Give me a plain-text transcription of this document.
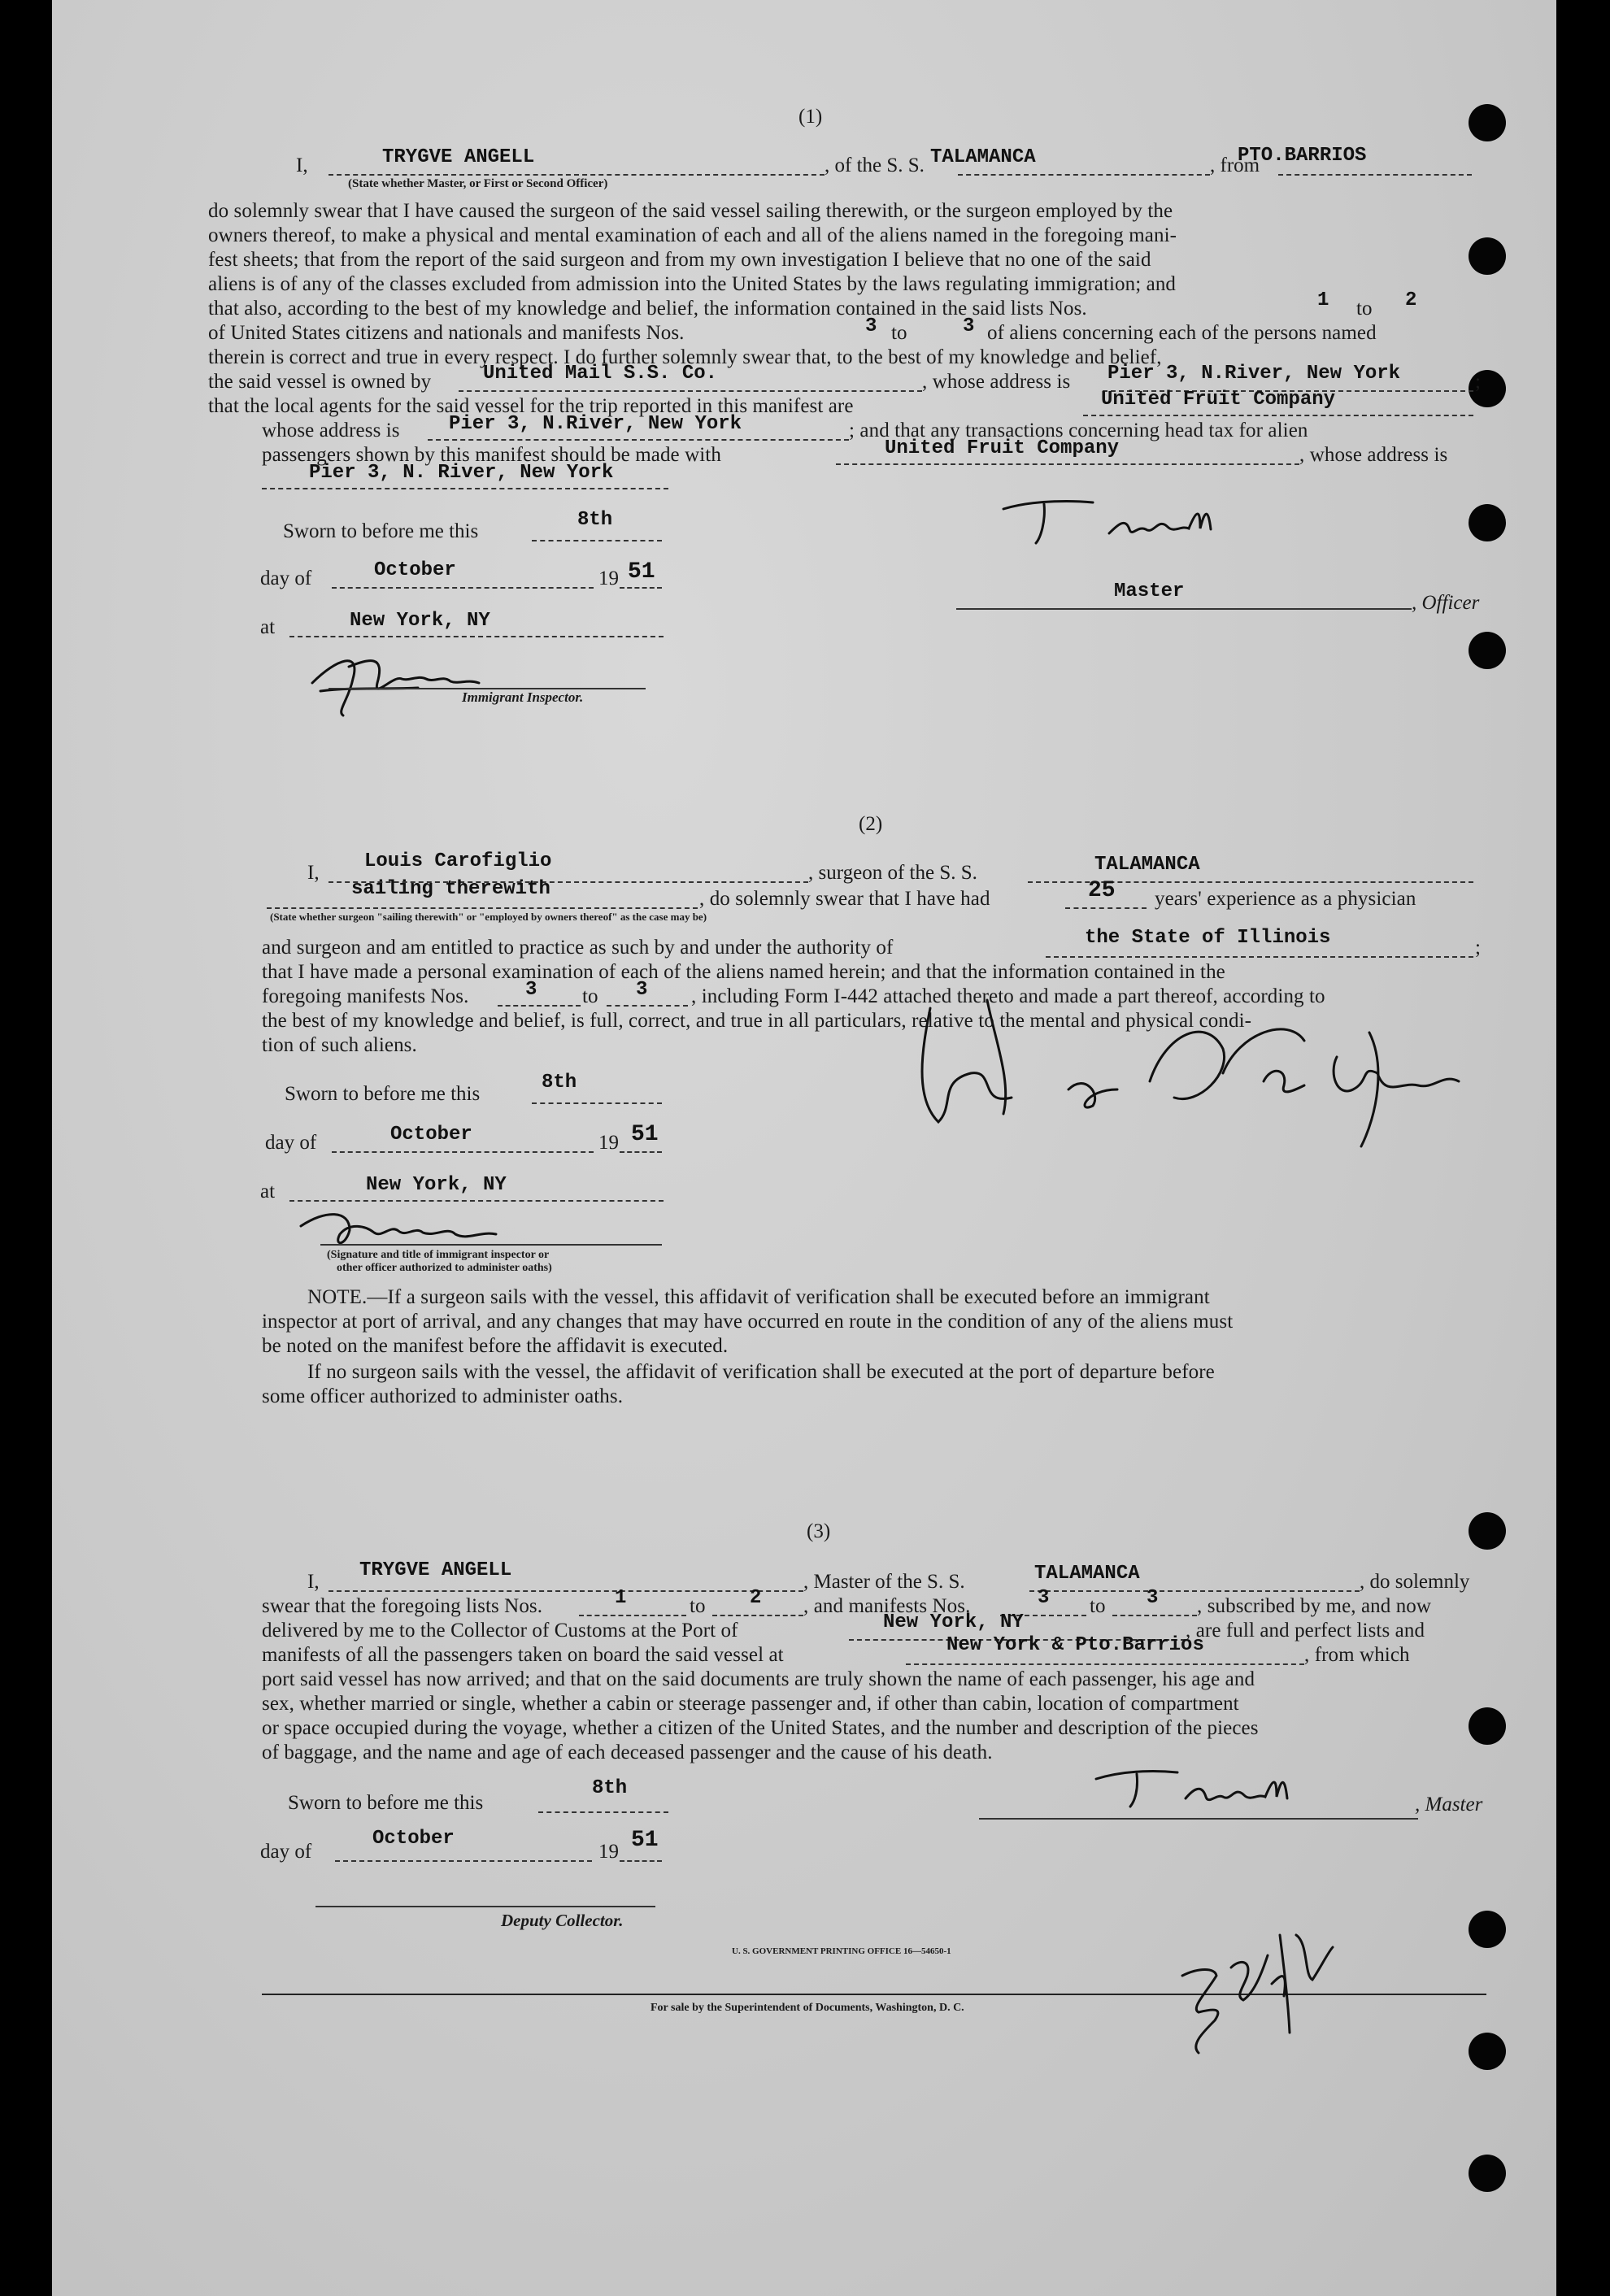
(1)
I,	TRYGVE ANGELL	, of the S. S. TALAMANCA	, from
PTO.BARRIOS
(State whether Master, or First or Second Officer)
do solemnly swear that I have caused the surgeon of the said vessel sailing therewith, or the surgeon employed by the
owners thereof, to make a physical and mental examination of each and all of the aliens named in the foregoing mani-
fest sheets; that from the report of the said surgeon and from my own investigation I believe that no one of the said
aliens is of any of the classes excluded from admission into the United States by the laws regulating immigration; and
that also, according to the best of my knowledge and belief, the information contained in the said lists Nos.	1 to 2
of United States citizens and nationals and manifests Nos.	3 to	3 of aliens concerning each of the persons named
therein is correct and true in every respect. I do further solemnly swear that, to the best of my knowledge and belief,
the said vessel is owned by	United Mail S.S. Co.	, whose address is Pier 3, N.River, New York	;
that the local agents for the said vessel for the trip reported in this manifest are	United Fruit Company
whose address is	Pier 3, N.River, New York	; and that any transactions concerning head tax for alien
passengers shown by this manifest should be made with	United Fruit Company	, whose address is
Pier 3, N. River, New York
Sworn to before me this
8th
day of	October	19 51
at	New York, NY
Immigrant Inspector.
Master
, Officer
(2)
I,
Louis Carofiglio
, surgeon of the S. S.	TALAMANCA
sailing therewith	, do solemnly swear that I have had	25 years' experience as a physician
(State whether surgeon "sailing therewith" or "employed by owners thereof" as the case may be)
and surgeon and am entitled to practice as such by and under the authority of	the State of Illinois	;
that I have made a personal examination of each of the aliens named herein; and that the information contained in the
foregoing manifests Nos.	3 to 3 , including Form I-442 attached thereto and made a part thereof, according to
the best of my knowledge and belief, is full, correct, and true in all particulars, relative to the mental and physical condi-
tion of such aliens.
Sworn to before me this
8th
day of	October	19 51
at	New York, NY
(Signature and title of immigrant inspector or
other officer authorized to administer oaths)
NOTE.—If a surgeon sails with the vessel, this affidavit of verification shall be executed before an immigrant
inspector at port of arrival, and any changes that may have occurred en route in the condition of any of the aliens must
be noted on the manifest before the affidavit is executed.
If no surgeon sails with the vessel, the affidavit of verification shall be executed at the port of departure before
some officer authorized to administer oaths.
(3)
I,
TRYGVE ANGELL
, Master of the S. S.	TALAMANCA	, do solemnly
swear that the foregoing lists Nos.	1	to 2 , and manifests Nos.	3 to 3 , subscribed by me, and now
delivered by me to the Collector of Customs at the Port of	New York, NY	, are full and perfect lists and
manifests of all the passengers taken on board the said vessel at	New York & Pto.Barrios	, from which
port said vessel has now arrived; and that on the said documents are truly shown the name of each passenger, his age and
sex, whether married or single, whether a cabin or steerage passenger and, if other than cabin, location of compartment
or space occupied during the voyage, whether a citizen of the United States, and the number and description of the pieces
of baggage, and the name and age of each deceased passenger and the cause of his death.
Sworn to before me this
8th
, Master
day of
October
19 51
Deputy Collector.
U. S. GOVERNMENT PRINTING OFFICE 16—54650-1
For sale by the Superintendent of Documents, Washington, D. C.
